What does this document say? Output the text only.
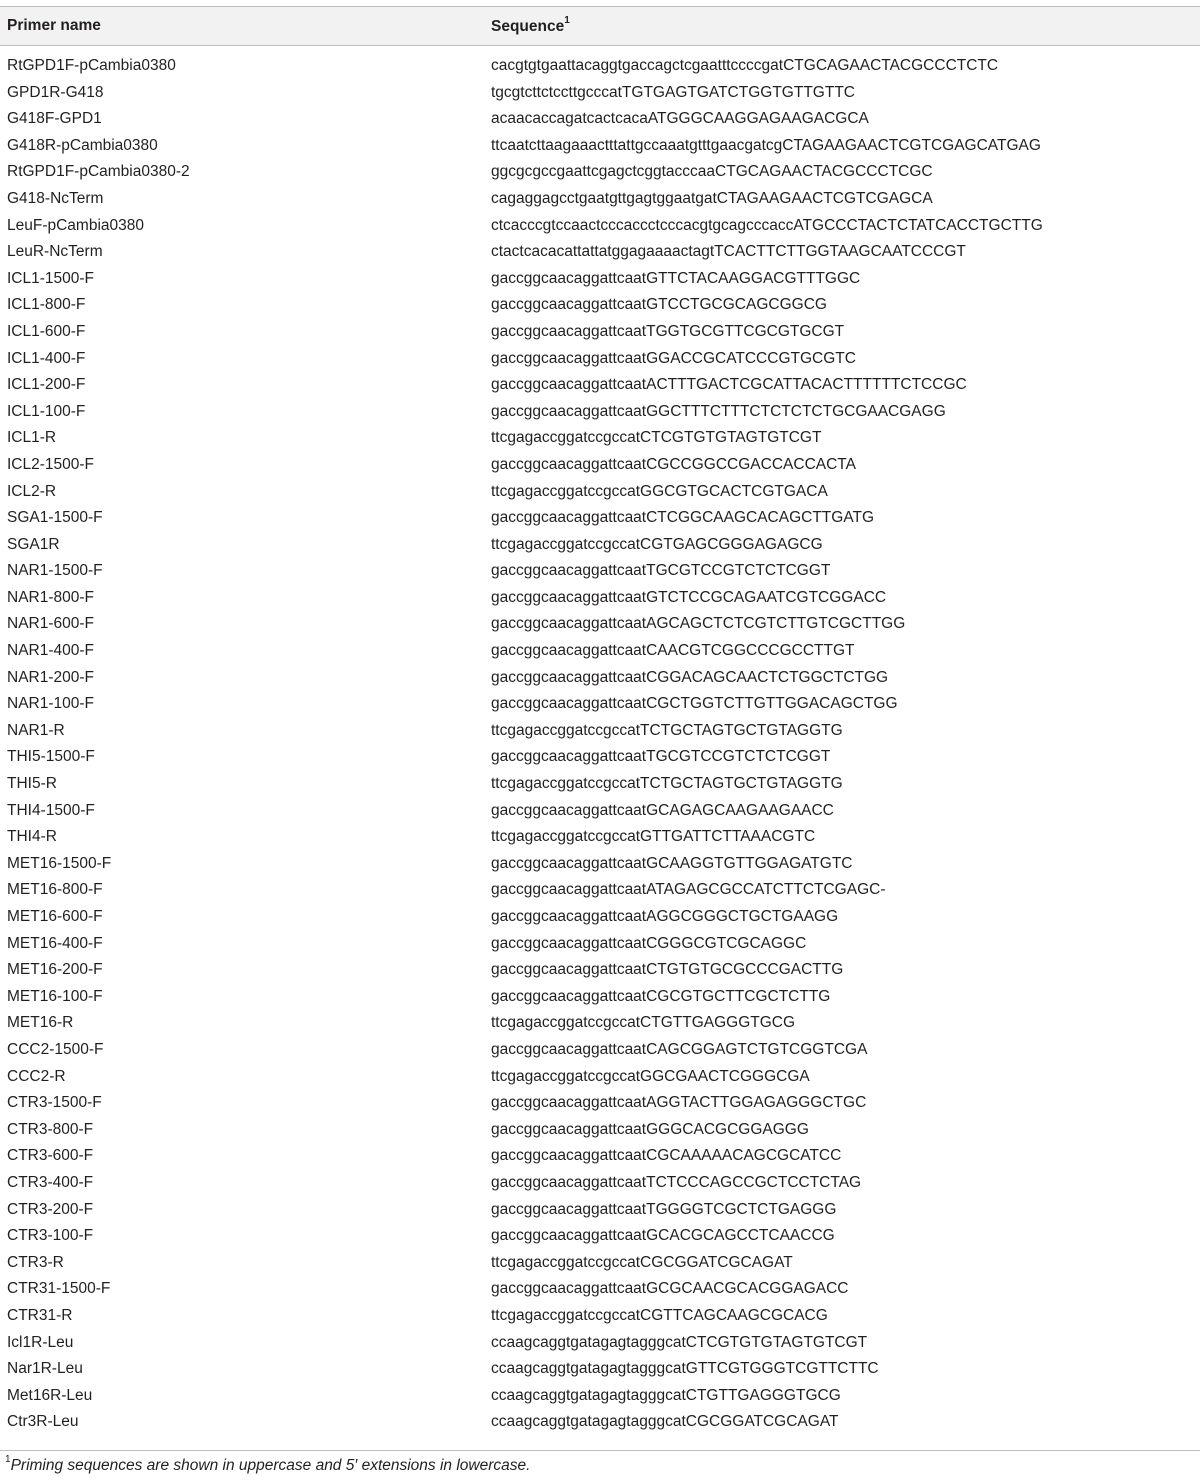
Primer name	Sequence$^1$
RtGPD1F-pCambia0380	cacgtgtgaattacaggtgaccagctcgaatttccccgatCTGCAGAACTACGCCCTCTC
GPD1R-G418	tgcgtcttctccttgcccatTGTGAGTGATCTGGTGTTGTTC
G418F-GPD1	acaacaccagatcactcacaATGGGCAAGGAGAAGACGCA
G418R-pCambia0380	ttcaatcttaagaaactttattgccaaatgtttgaacgatcgCTAGAAGAACTCGTCGAGCATGAG
RtGPD1F-pCambia0380-2	ggcgcgccgaattcgagctcggtacccaaCTGCAGAACTACGCCCTCGC
G418-NcTerm	cagaggagcctgaatgttgagtggaatgatCTAGAAGAACTCGTCGAGCA
LeuF-pCambia0380	ctcacccgtccaactcccaccctcccacgtgcagcccaccATGCCCTACTCTATCACCTGCTTG
LeuR-NcTerm	ctactcacacattattatggagaaaactagtTCACTTCTTGGTAAGCAATCCCGT
ICL1-1500-F	gaccggcaacaggattcaatGTTCTACAAGGACGTTTGGC
ICL1-800-F	gaccggcaacaggattcaatGTCCTGCGCAGCGGCG
ICL1-600-F	gaccggcaacaggattcaatTGGTGCGTTCGCGTGCGT
ICL1-400-F	gaccggcaacaggattcaatGGACCGCATCCCGTGCGTC
ICL1-200-F	gaccggcaacaggattcaatACTTTGACTCGCATTACACTTTTTTCTCCGC
ICL1-100-F	gaccggcaacaggattcaatGGCTTTCTTTCTCTCTCTGCGAACGAGG
ICL1-R	ttcgagaccggatccgccatCTCGTGTGTAGTGTCGT
ICL2-1500-F	gaccggcaacaggattcaatCGCCGGCCGACCACCACTA
ICL2-R	ttcgagaccggatccgccatGGCGTGCACTCGTGACA
SGA1-1500-F	gaccggcaacaggattcaatCTCGGCAAGCACAGCTTGATG
SGA1R	ttcgagaccggatccgccatCGTGAGCGGGAGAGCG
NAR1-1500-F	gaccggcaacaggattcaatTGCGTCCGTCTCTCGGT
NAR1-800-F	gaccggcaacaggattcaatGTCTCCGCAGAATCGTCGGACC
NAR1-600-F	gaccggcaacaggattcaatAGCAGCTCTCGTCTTGTCGCTTGG
NAR1-400-F	gaccggcaacaggattcaatCAACGTCGGCCCGCCTTGT
NAR1-200-F	gaccggcaacaggattcaatCGGACAGCAACTCTGGCTCTGG
NAR1-100-F	gaccggcaacaggattcaatCGCTGGTCTTGTTGGACAGCTGG
NAR1-R	ttcgagaccggatccgccatTCTGCTAGTGCTGTAGGTG
THI5-1500-F	gaccggcaacaggattcaatTGCGTCCGTCTCTCGGT
THI5-R	ttcgagaccggatccgccatTCTGCTAGTGCTGTAGGTG
THI4-1500-F	gaccggcaacaggattcaatGCAGAGCAAGAAGAACC
THI4-R	ttcgagaccggatccgccatGTTGATTCTTAAACGTC
MET16-1500-F	gaccggcaacaggattcaatGCAAGGTGTTGGAGATGTC
MET16-800-F	gaccggcaacaggattcaatATAGAGCGCCATCTTCTCGAGC-
MET16-600-F	gaccggcaacaggattcaatAGGCGGGCTGCTGAAGG
MET16-400-F	gaccggcaacaggattcaatCGGGCGTCGCAGGC
MET16-200-F	gaccggcaacaggattcaatCTGTGTGCGCCCGACTTG
MET16-100-F	gaccggcaacaggattcaatCGCGTGCTTCGCTCTTG
MET16-R	ttcgagaccggatccgccatCTGTTGAGGGTGCG
CCC2-1500-F	gaccggcaacaggattcaatCAGCGGAGTCTGTCGGTCGA
CCC2-R	ttcgagaccggatccgccatGGCGAACTCGGGCGA
CTR3-1500-F	gaccggcaacaggattcaatAGGTACTTGGAGAGGGCTGC
CTR3-800-F	gaccggcaacaggattcaatGGGCACGCGGAGGG
CTR3-600-F	gaccggcaacaggattcaatCGCAAAAACAGCGCATCC
CTR3-400-F	gaccggcaacaggattcaatTCTCCCAGCCGCTCCTCTAG
CTR3-200-F	gaccggcaacaggattcaatTGGGGTCGCTCTGAGGG
CTR3-100-F	gaccggcaacaggattcaatGCACGCAGCCTCAACCG
CTR3-R	ttcgagaccggatccgccatCGCGGATCGCAGAT
CTR31-1500-F	gaccggcaacaggattcaatGCGCAACGCACGGAGACC
CTR31-R	ttcgagaccggatccgccatCGTTCAGCAAGCGCACG
Icl1R-Leu	ccaagcaggtgatagagtagggcatCTCGTGTGTAGTGTCGT
Nar1R-Leu	ccaagcaggtgatagagtagggcatGTTCGTGGGTCGTTCTTC
Met16R-Leu	ccaagcaggtgatagagtagggcatCTGTTGAGGGTGCG
Ctr3R-Leu	ccaagcaggtgatagagtagggcatCGCGGATCGCAGAT
$^1$Priming sequences are shown in uppercase and 5′ extensions in lowercase.
